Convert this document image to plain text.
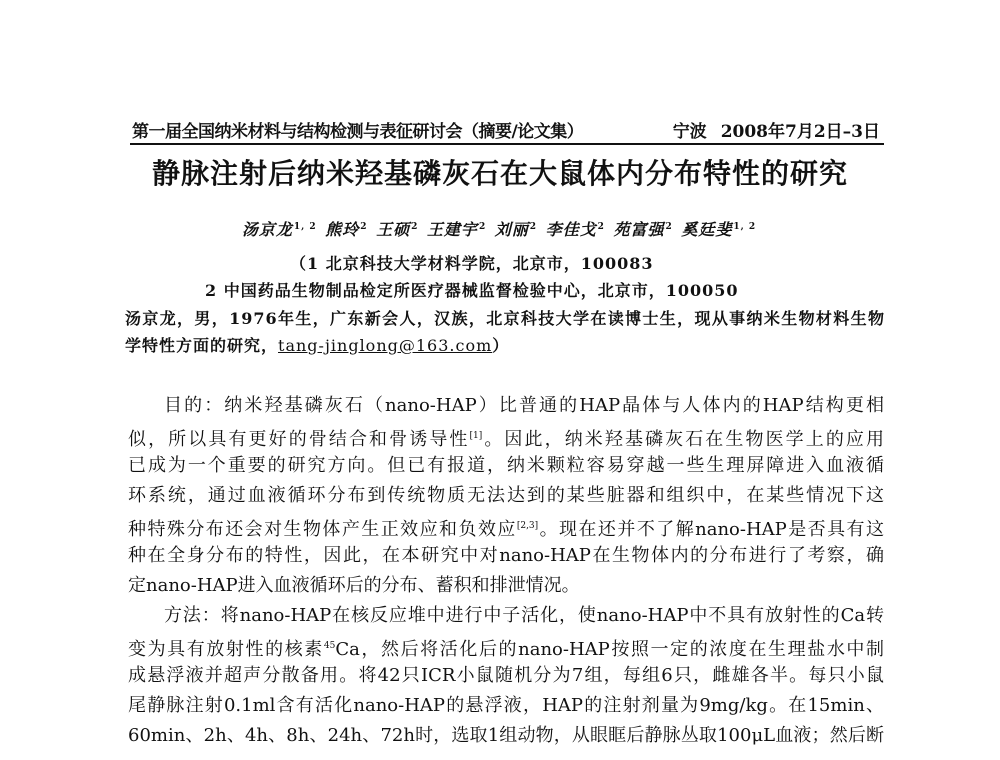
第一届全国纳米材料与结构检测与表征研讨会（摘要/论文集）	宁波 2008年7月2日–3日
静脉注射后纳米羟基磷灰石在大鼠体内分布特性的研究
汤京龙$^{1, 2}$ 熊玲$^2$ 王硕$^2$ 王建宇$^2$ 刘丽$^2$ 李佳戈$^2$ 苑富强$^2$ 奚廷斐$^{1, 2}$
（1 北京科技大学材料学院，北京市，100083
2 中国药品生物制品检定所医疗器械监督检验中心，北京市，100050
汤京龙，男，1976年生，广东新会人，汉族，北京科技大学在读博士生，现从事纳米生物材料生物学特性方面的研究，tang-jinglong@163.com）
目的：纳米羟基磷灰石（nano-HAP）比普通的HAP晶体与人体内的HAP结构更相
似，所以具有更好的骨结合和骨诱导性[1]。因此，纳米羟基磷灰石在生物医学上的应用
已成为一个重要的研究方向。但已有报道，纳米颗粒容易穿越一些生理屏障进入血液循
环系统，通过血液循环分布到传统物质无法达到的某些脏器和组织中，在某些情况下这
种特殊分布还会对生物体产生正效应和负效应[2,3]。现在还并不了解nano-HAP是否具有这
种在全身分布的特性，因此，在本研究中对nano-HAP在生物体内的分布进行了考察，确
定nano-HAP进入血液循环后的分布、蓄积和排泄情况。
方法：将nano-HAP在核反应堆中进行中子活化，使nano-HAP中不具有放射性的Ca转
变为具有放射性的核素$^{45}$Ca，然后将活化后的nano-HAP按照一定的浓度在生理盐水中制
成悬浮液并超声分散备用。将42只ICR小鼠随机分为7组，每组6只，雌雄各半。每只小鼠
尾静脉注射0.1ml含有活化nano-HAP的悬浮液，HAP的注射剂量为9mg/kg。在15min、
60min、2h、4h、8h、24h、72h时，选取1组动物，从眼眶后静脉丛取100μL血液；然后断
